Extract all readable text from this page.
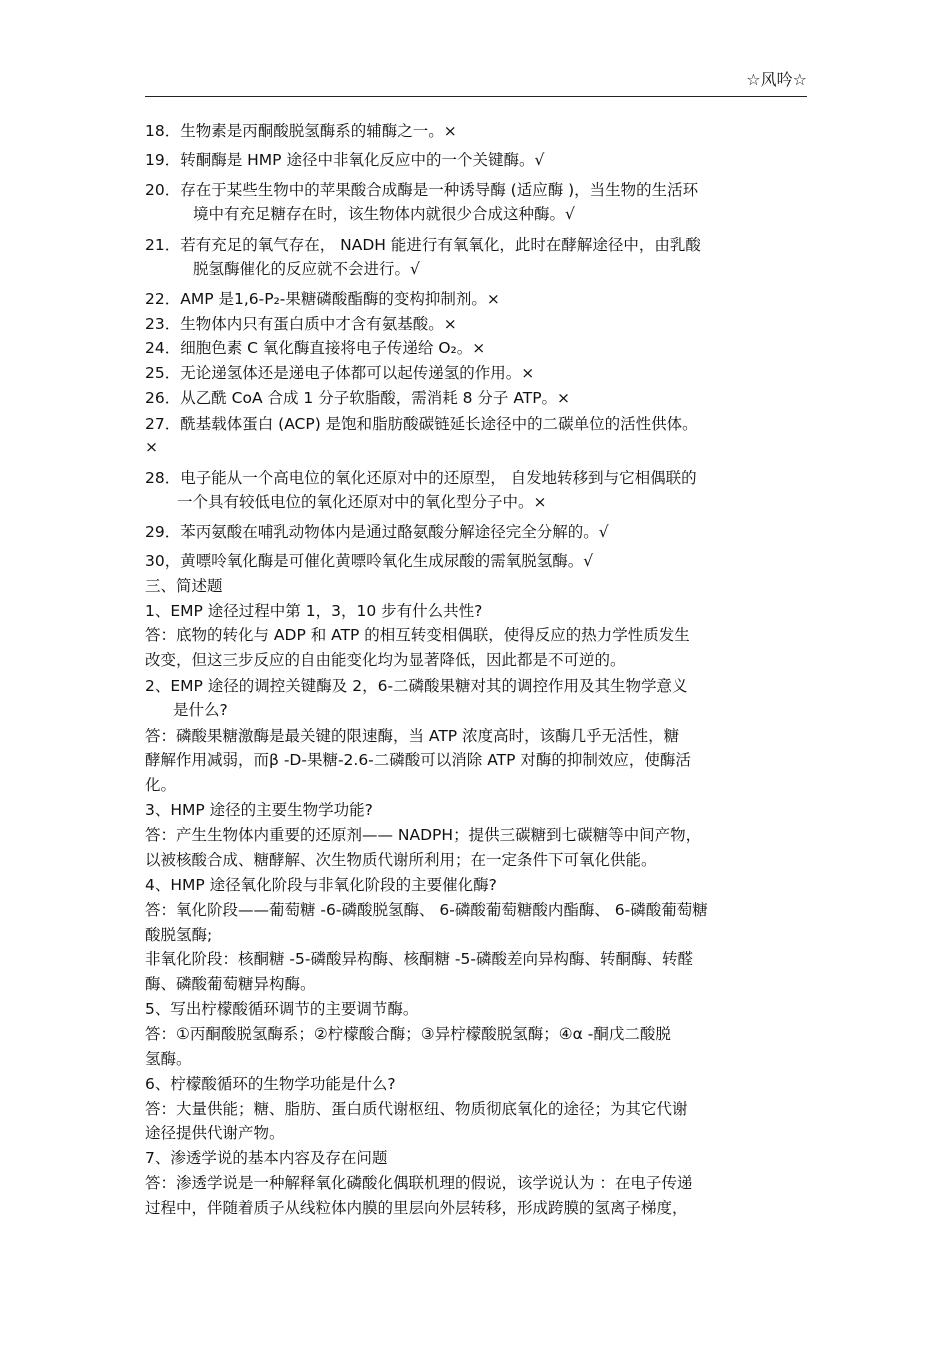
☆风吟☆
18．生物素是丙酮酸脱氢酶系的辅酶之一。×
19．转酮酶是 HMP 途径中非氧化反应中的一个关键酶。√
20．存在于某些生物中的苹果酸合成酶是一种诱导酶 (适应酶 )，当生物的生活环
境中有充足糖存在时，该生物体内就很少合成这种酶。√
21．若有充足的氧气存在， NADH 能进行有氧氧化，此时在酵解途径中，由乳酸
脱氢酶催化的反应就不会进行。√
22．AMP 是1,6-P₂-果糖磷酸酯酶的变构抑制剂。×
23．生物体内只有蛋白质中才含有氨基酸。×
24．细胞色素 C 氧化酶直接将电子传递给 O₂。×
25．无论递氢体还是递电子体都可以起传递氢的作用。×
26．从乙酰 CoA 合成 1 分子软脂酸，需消耗 8 分子 ATP。×
27．酰基载体蛋白 (ACP) 是饱和脂肪酸碳链延长途径中的二碳单位的活性供体。
×
28．电子能从一个高电位的氧化还原对中的还原型， 自发地转移到与它相偶联的
一个具有较低电位的氧化还原对中的氧化型分子中。×
29．苯丙氨酸在哺乳动物体内是通过酪氨酸分解途径完全分解的。√
30，黄嘌呤氧化酶是可催化黄嘌呤氧化生成尿酸的需氧脱氢酶。√
三、简述题
1、EMP 途径过程中第 1，3，10 步有什么共性?
答：底物的转化与 ADP 和 ATP 的相互转变相偶联，使得反应的热力学性质发生
改变，但这三步反应的自由能变化均为显著降低，因此都是不可逆的。
2、EMP 途径的调控关键酶及 2，6-二磷酸果糖对其的调控作用及其生物学意义
是什么?
答：磷酸果糖激酶是最关键的限速酶，当 ATP 浓度高时，该酶几乎无活性，糖
酵解作用减弱，而β -D-果糖-2.6-二磷酸可以消除 ATP 对酶的抑制效应，使酶活
化。
3、HMP 途径的主要生物学功能?
答：产生生物体内重要的还原剂—— NADPH；提供三碳糖到七碳糖等中间产物，
以被核酸合成、糖酵解、次生物质代谢所利用；在一定条件下可氧化供能。
4、HMP 途径氧化阶段与非氧化阶段的主要催化酶?
答：氧化阶段——葡萄糖 -6-磷酸脱氢酶、 6-磷酸葡萄糖酸内酯酶、 6-磷酸葡萄糖
酸脱氢酶;
非氧化阶段：核酮糖 -5-磷酸异构酶、核酮糖 -5-磷酸差向异构酶、转酮酶、转醛
酶、磷酸葡萄糖异构酶。
5、写出柠檬酸循环调节的主要调节酶。
答：①丙酮酸脱氢酶系；②柠檬酸合酶；③异柠檬酸脱氢酶；④α -酮戊二酸脱
氢酶。
6、柠檬酸循环的生物学功能是什么?
答：大量供能；糖、脂肪、蛋白质代谢枢纽、物质彻底氧化的途径；为其它代谢
途径提供代谢产物。
7、渗透学说的基本内容及存在问题
答：渗透学说是一种解释氧化磷酸化偶联机理的假说，该学说认为 ：在电子传递
过程中，伴随着质子从线粒体内膜的里层向外层转移，形成跨膜的氢离子梯度，
